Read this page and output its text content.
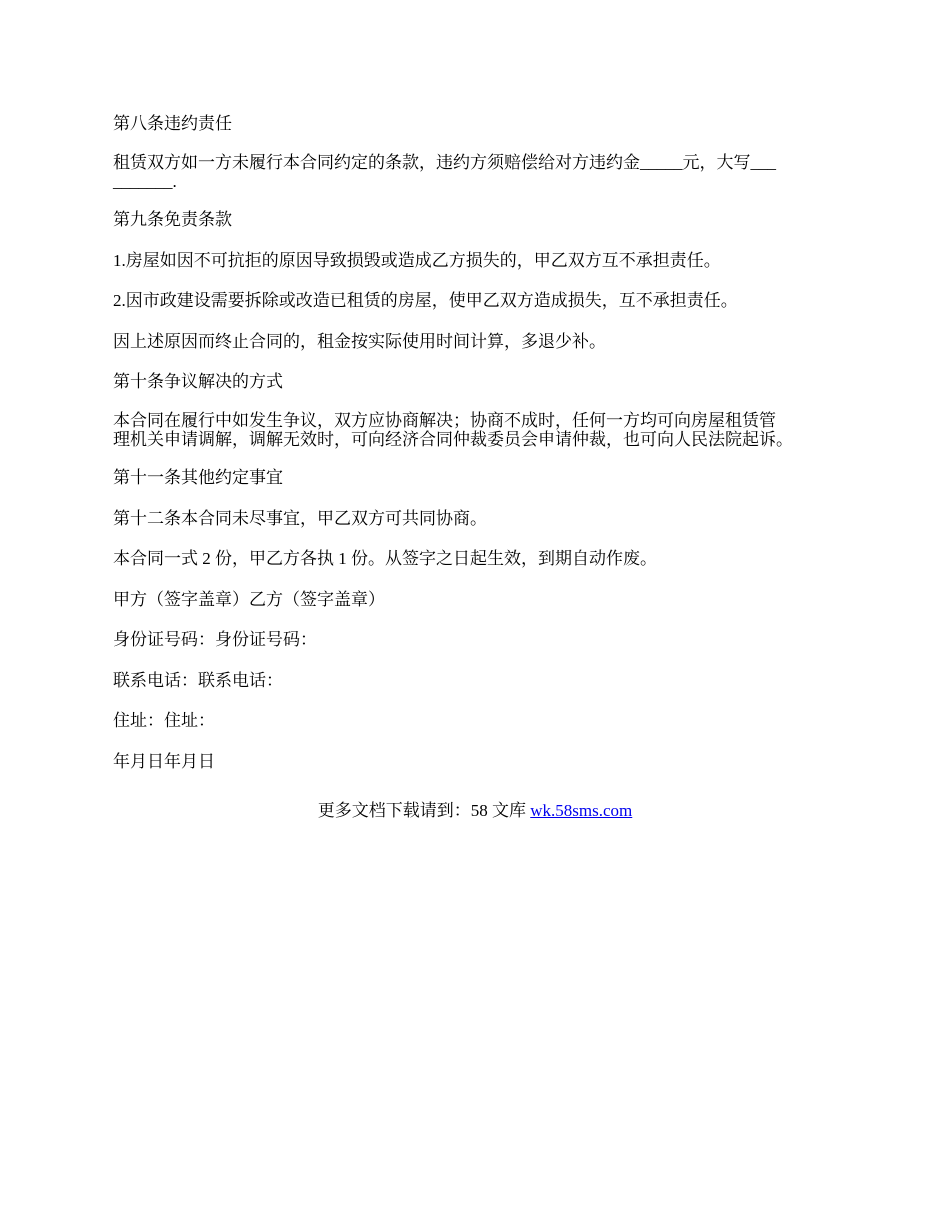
第八条违约责任

租赁双方如一方未履行本合同约定的条款，违约方须赔偿给对方违约金_____元，大写___
_______.

第九条免责条款

1.房屋如因不可抗拒的原因导致损毁或造成乙方损失的，甲乙双方互不承担责任。

2.因市政建设需要拆除或改造已租赁的房屋，使甲乙双方造成损失，互不承担责任。

因上述原因而终止合同的，租金按实际使用时间计算，多退少补。

第十条争议解决的方式

本合同在履行中如发生争议，双方应协商解决；协商不成时，任何一方均可向房屋租赁管
理机关申请调解，调解无效时，可向经济合同仲裁委员会申请仲裁，也可向人民法院起诉。

第十一条其他约定事宜

第十二条本合同未尽事宜，甲乙双方可共同协商。

本合同一式 2 份，甲乙方各执 1 份。从签字之日起生效，到期自动作废。

甲方（签字盖章）乙方（签字盖章）

身份证号码：身份证号码：

联系电话：联系电话：

住址：住址：

年月日年月日

更多文档下载请到：58 文库 wk.58sms.com
